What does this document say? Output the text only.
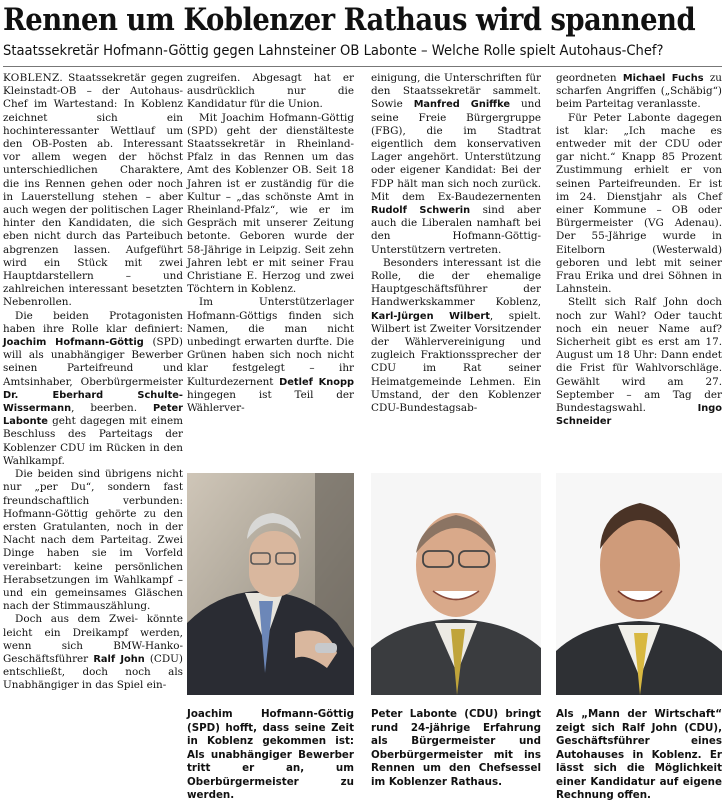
Rennen um Koblenzer Rathaus wird spannend
Staatssekretär Hofmann-Göttig gegen Lahnsteiner OB Labonte – Welche Rolle spielt Autohaus-Chef?

KOBLENZ. Staatssekretär gegen Kleinstadt-OB – der Autohaus-Chef im Wartestand: In Koblenz zeichnet sich ein hochinteressanter Wettlauf um den OB-Posten ab. Interessant vor allem wegen der höchst unterschiedlichen Charaktere, die ins Rennen gehen oder noch in Lauerstellung stehen – aber auch wegen der politischen Lager hinter den Kandidaten, die sich eben nicht durch das Parteibuch abgrenzen lassen. Aufgeführt wird ein Stück mit zwei Hauptdarstellern – und zahlreichen interessant besetzten Nebenrollen.

Die beiden Protagonisten haben ihre Rolle klar definiert: Joachim Hofmann-Göttig (SPD) will als unabhängiger Bewerber seinen Parteifreund und Amtsinhaber, Oberbürgermeister Dr. Eberhard Schulte-Wissermann, beerben. Peter Labonte geht dagegen mit einem Beschluss des Parteitags der Koblenzer CDU im Rücken in den Wahlkampf.

Die beiden sind übrigens nicht nur „per Du“, sondern fast freundschaftlich verbunden: Hofmann-Göttig gehörte zu den ersten Gratulanten, noch in der Nacht nach dem Parteitag. Zwei Dinge haben sie im Vorfeld vereinbart: keine persönlichen Herabsetzungen im Wahlkampf – und ein gemeinsames Gläschen nach der Stimmauszählung.

Doch aus dem Zwei- könnte leicht ein Dreikampf werden, wenn sich BMW-Hanko-Geschäftsführer Ralf John (CDU) entschließt, doch noch als Unabhängiger in das Spiel ein-

zugreifen. Abgesagt hat er ausdrücklich nur die Kandidatur für die Union.

Mit Joachim Hofmann-Göttig (SPD) geht der dienstälteste Staatssekretär in Rheinland-Pfalz in das Rennen um das Amt des Koblenzer OB. Seit 18 Jahren ist er zuständig für die Kultur – „das schönste Amt in Rheinland-Pfalz“, wie er im Gespräch mit unserer Zeitung betonte. Geboren wurde der 58-Jährige in Leipzig. Seit zehn Jahren lebt er mit seiner Frau Christiane E. Herzog und zwei Töchtern in Koblenz.

Im Unterstützerlager Hofmann-Göttigs finden sich Namen, die man nicht unbedingt erwarten durfte. Die Grünen haben sich noch nicht klar festgelegt – ihr Kulturdezernent Detlef Knopp hingegen ist Teil der Wählerver-

einigung, die Unterschriften für den Staatssekretär sammelt. Sowie Manfred Gniffke und seine Freie Bürgergruppe (FBG), die im Stadtrat eigentlich dem konservativen Lager angehört. Unterstützung oder eigener Kandidat: Bei der FDP hält man sich noch zurück. Mit dem Ex-Baudezernenten Rudolf Schwerin sind aber auch die Liberalen namhaft bei den Hofmann-Göttig-Unterstützern vertreten.

Besonders interessant ist die Rolle, die der ehemalige Hauptgeschäftsführer der Handwerkskammer Koblenz, Karl-Jürgen Wilbert, spielt. Wilbert ist Zweiter Vorsitzender der Wählervereinigung und zugleich Fraktionssprecher der CDU im Rat seiner Heimatgemeinde Lehmen. Ein Umstand, der den Koblenzer CDU-Bundestagsab-

geordneten Michael Fuchs zu scharfen Angriffen („Schäbig“) beim Parteitag veranlasste.

Für Peter Labonte dagegen ist klar: „Ich mache es entweder mit der CDU oder gar nicht.“ Knapp 85 Prozent Zustimmung erhielt er von seinen Parteifreunden. Er ist im 24. Dienstjahr als Chef einer Kommune – OB oder Bürgermeister (VG Adenau). Der 55-Jährige wurde in Eitelborn (Westerwald) geboren und lebt mit seiner Frau Erika und drei Söhnen in Lahnstein.

Stellt sich Ralf John doch noch zur Wahl? Oder taucht noch ein neuer Name auf? Sicherheit gibt es erst am 17. August um 18 Uhr: Dann endet die Frist für Wahlvorschläge. Gewählt wird am 27. September – am Tag der Bundestagswahl.	Ingo Schneider

Joachim Hofmann-Göttig (SPD) hofft, dass seine Zeit in Koblenz gekommen ist: Als unabhängiger Bewerber tritt er an, um Oberbürgermeister zu werden.

Peter Labonte (CDU) bringt rund 24-jährige Erfahrung als Bürgermeister und Oberbürgermeister mit ins Rennen um den Chefsessel im Koblenzer Rathaus.

Als „Mann der Wirtschaft“ zeigt sich Ralf John (CDU), Geschäftsführer eines Autohauses in Koblenz. Er lässt sich die Möglichkeit einer Kandidatur auf eigene Rechnung offen.
